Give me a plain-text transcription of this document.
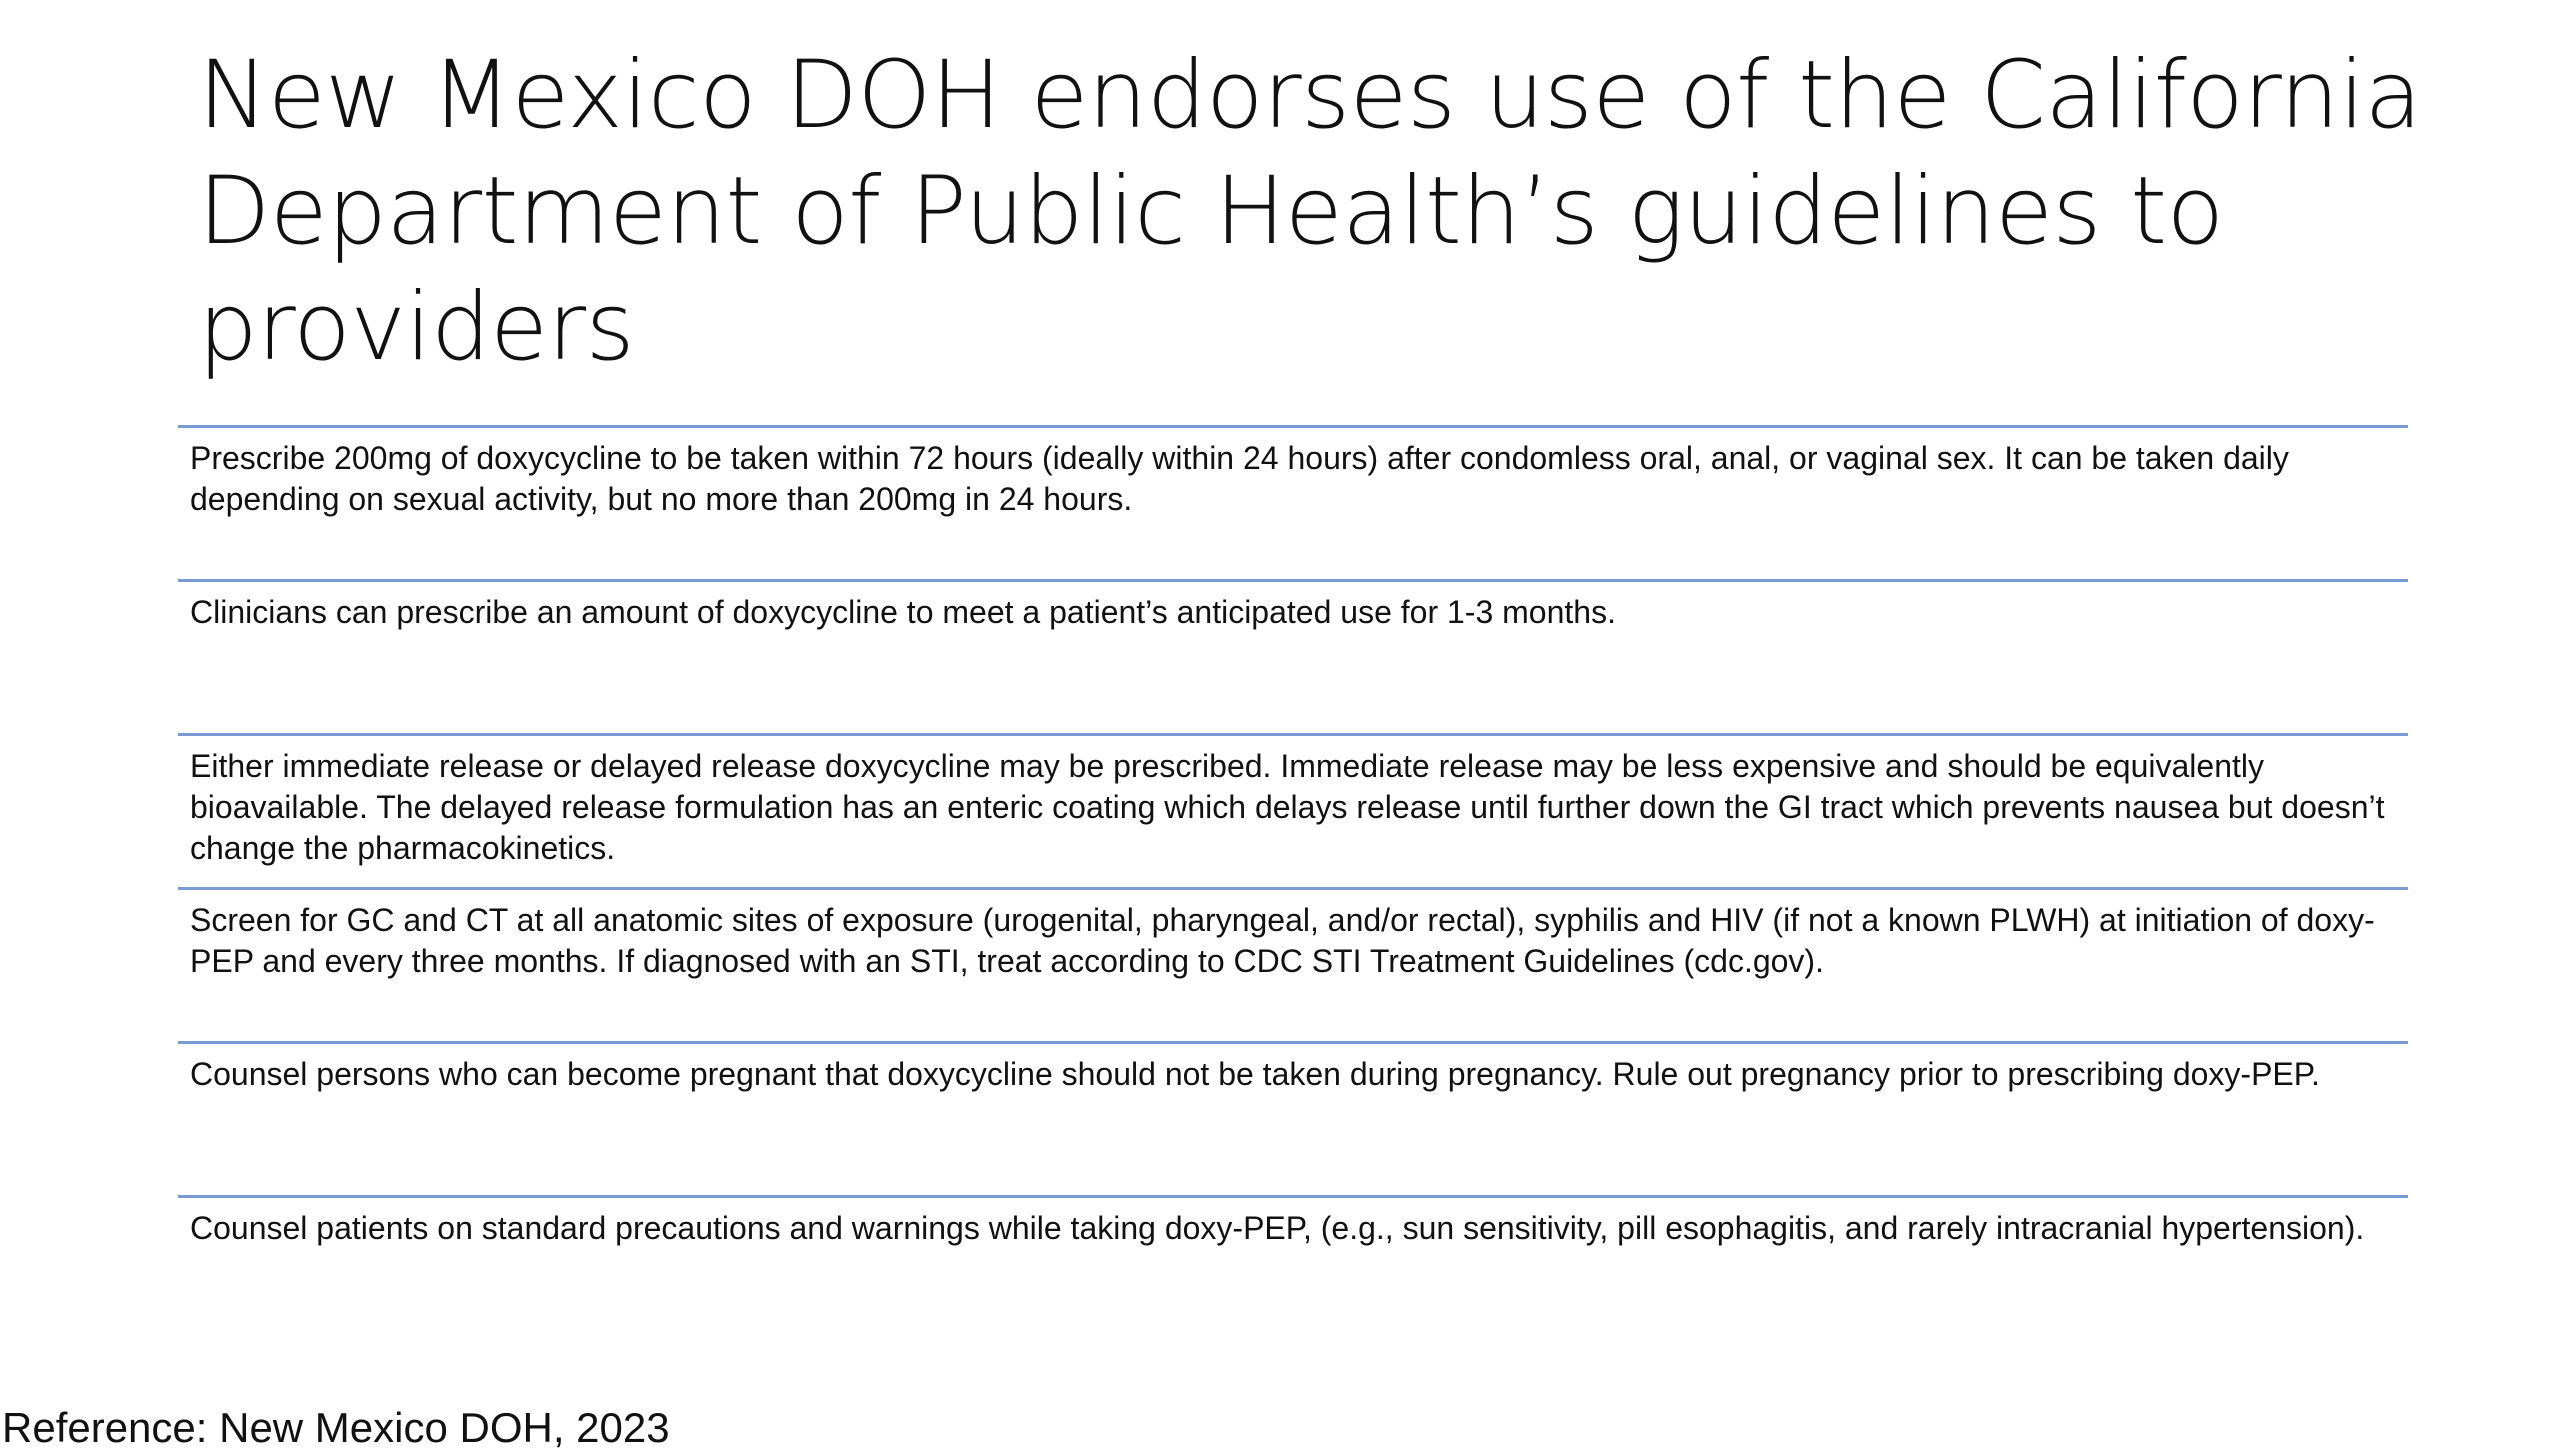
New Mexico DOH endorses use of the California Department of Public Health’s guidelines to providers
Prescribe 200mg of doxycycline to be taken within 72 hours (ideally within 24 hours) after condomless oral, anal, or vaginal sex. It can be taken daily depending on sexual activity, but no more than 200mg in 24 hours.
Clinicians can prescribe an amount of doxycycline to meet a patient’s anticipated use for 1-3 months.
Either immediate release or delayed release doxycycline may be prescribed. Immediate release may be less expensive and should be equivalently bioavailable. The delayed release formulation has an enteric coating which delays release until further down the GI tract which prevents nausea but doesn’t change the pharmacokinetics.
Screen for GC and CT at all anatomic sites of exposure (urogenital, pharyngeal, and/or rectal), syphilis and HIV (if not a known PLWH) at initiation of doxy-PEP and every three months. If diagnosed with an STI, treat according to CDC STI Treatment Guidelines (cdc.gov).
Counsel persons who can become pregnant that doxycycline should not be taken during pregnancy. Rule out pregnancy prior to prescribing doxy-PEP.
Counsel patients on standard precautions and warnings while taking doxy-PEP, (e.g., sun sensitivity, pill esophagitis, and rarely intracranial hypertension).
Reference: New Mexico DOH, 2023
